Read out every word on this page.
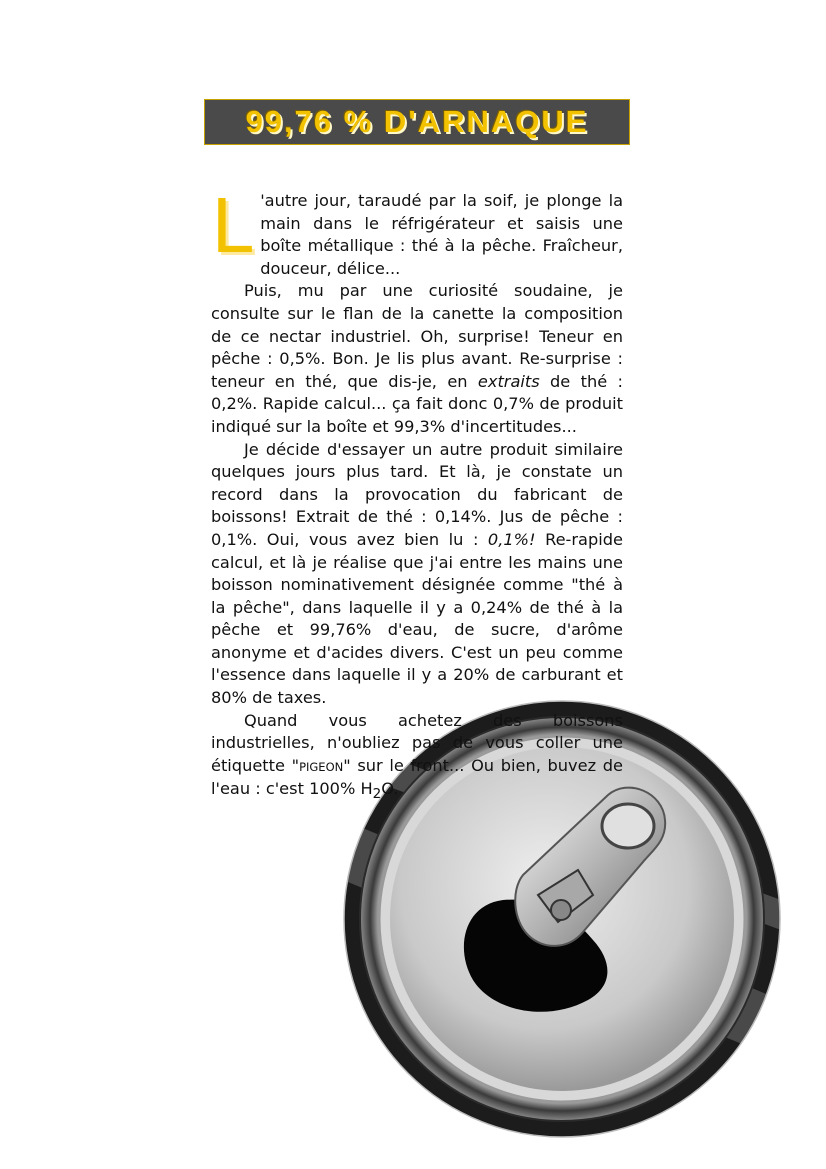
99,76 % D'ARNAQUE

L 'autre jour, taraudé par la soif, je plonge la main dans le réfrigérateur et saisis une boîte métallique : thé à la pêche. Fraîcheur, douceur, délice...

Puis, mu par une curiosité soudaine, je consulte sur le flan de la canette la composition de ce nectar industriel. Oh, surprise! Teneur en pêche : 0,5%. Bon. Je lis plus avant. Re-surprise : teneur en thé, que dis-je, en extraits de thé : 0,2%. Rapide calcul... ça fait donc 0,7% de produit indiqué sur la boîte et 99,3% d'incertitudes...

Je décide d'essayer un autre produit similaire quelques jours plus tard. Et là, je constate un record dans la provocation du fabricant de boissons! Extrait de thé : 0,14%. Jus de pêche : 0,1%. Oui, vous avez bien lu : 0,1%! Re-rapide calcul, et là je réalise que j'ai entre les mains une boisson nominativement désignée comme "thé à la pêche", dans laquelle il y a 0,24% de thé à la pêche et 99,76% d'eau, de sucre, d'arôme anonyme et d'acides divers. C'est un peu comme l'essence dans laquelle il y a 20% de carburant et 80% de taxes.

Quand vous achetez des boissons industrielles, n'oubliez pas de vous coller une étiquette "PIGEON" sur le front... Ou bien, buvez de l'eau : c'est 100% $H_2O$.
